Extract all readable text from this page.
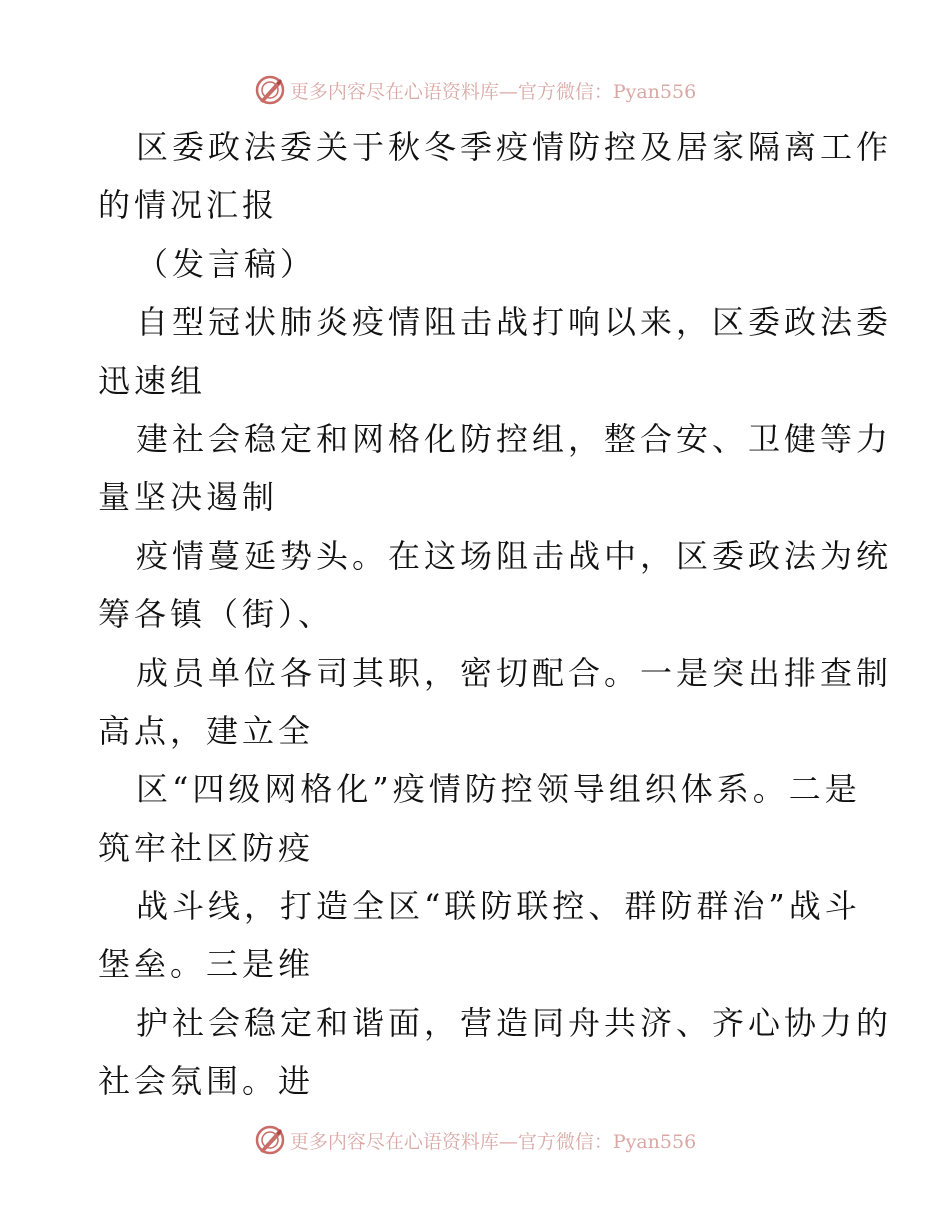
更多内容尽在心语资料库—官方微信：Pyan556
区委政法委关于秋冬季疫情防控及居家隔离工作
的情况汇报
（发言稿）
自型冠状肺炎疫情阻击战打响以来，区委政法委
迅速组
建社会稳定和网格化防控组，整合安、卫健等力
量坚决遏制
疫情蔓延势头。在这场阻击战中，区委政法为统
筹各镇（街）、
成员单位各司其职，密切配合。一是突出排查制
高点，建立全
区“四级网格化”疫情防控领导组织体系。二是
筑牢社区防疫
战斗线，打造全区“联防联控、群防群治”战斗
堡垒。三是维
护社会稳定和谐面，营造同舟共济、齐心协力的
社会氛围。进
更多内容尽在心语资料库—官方微信：Pyan556
